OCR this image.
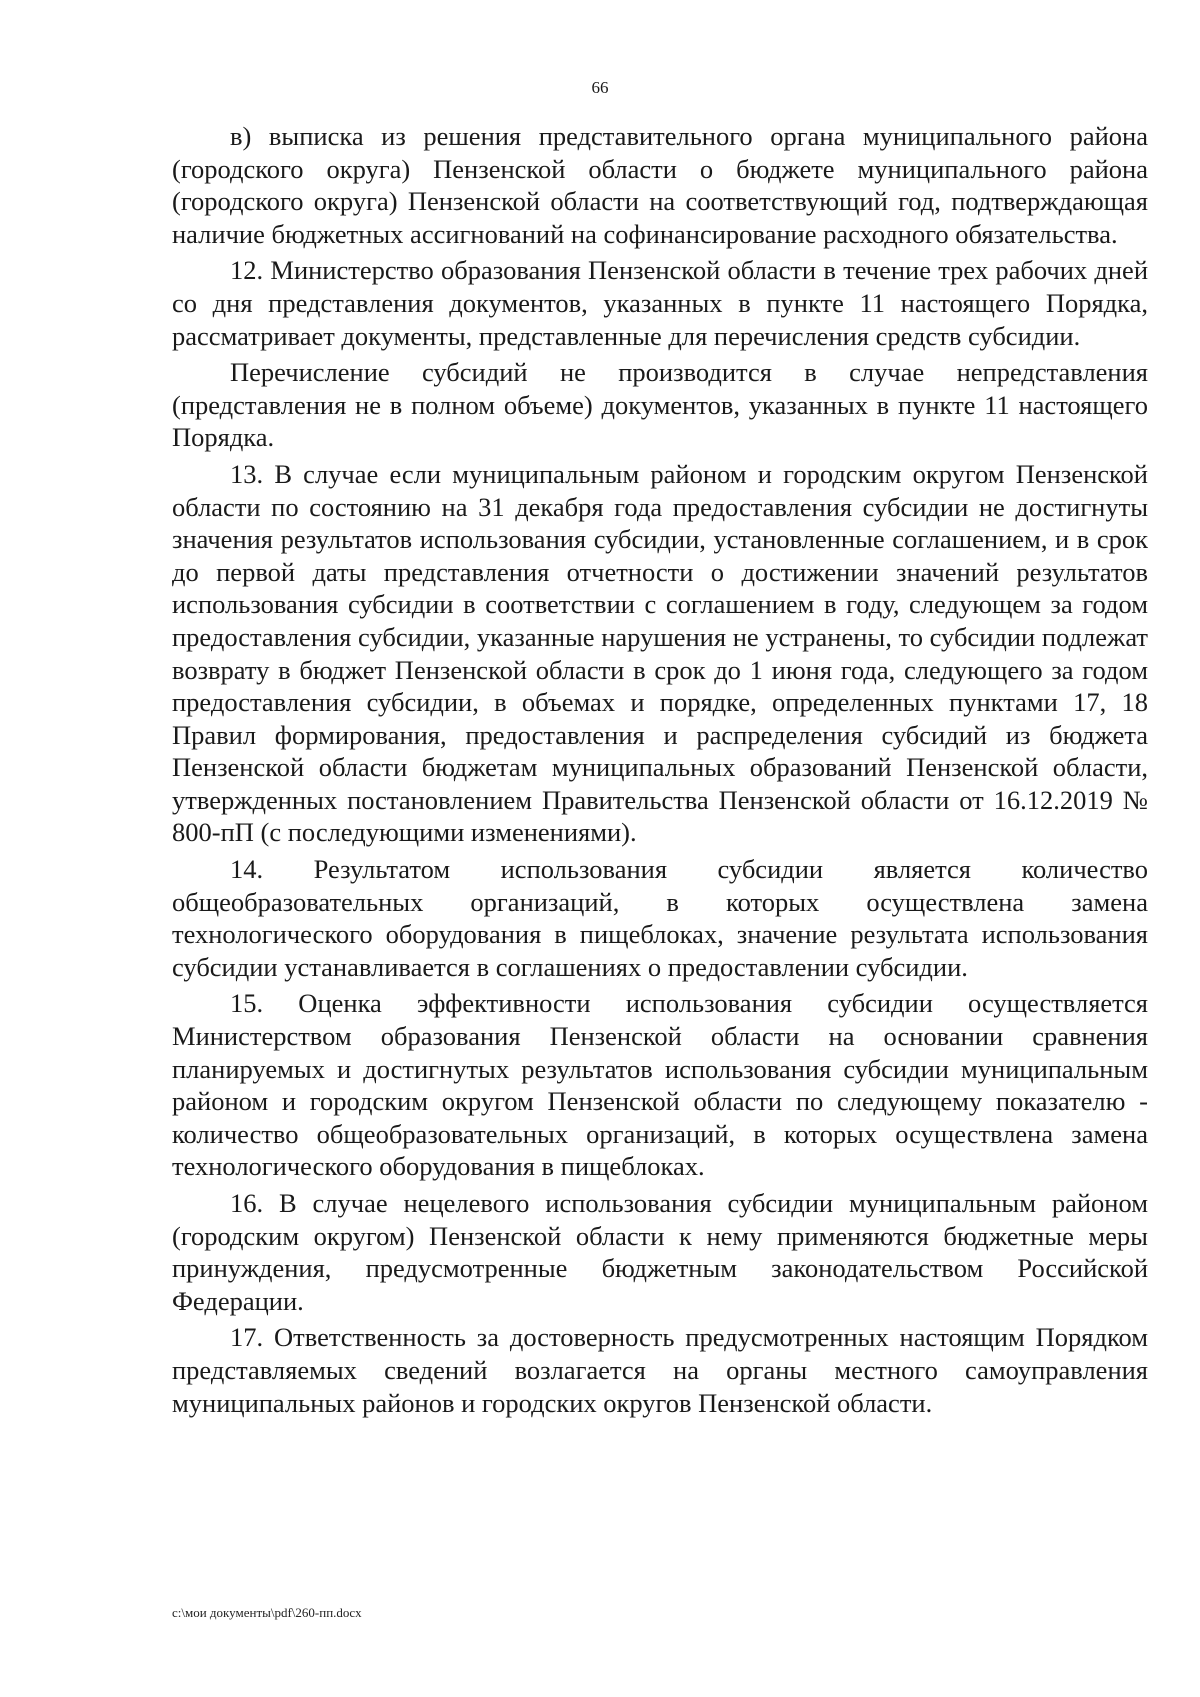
66

в) выписка из решения представительного органа муниципального района (городского округа) Пензенской области о бюджете муниципального района (городского округа) Пензенской области на соответствующий год, подтверждающая наличие бюджетных ассигнований на софинансирование расходного обязательства.

12. Министерство образования Пензенской области в течение трех рабочих дней со дня представления документов, указанных в пункте 11 настоящего Порядка, рассматривает документы, представленные для перечисления средств субсидии.

Перечисление субсидий не производится в случае непредставления (представления не в полном объеме) документов, указанных в пункте 11 настоящего Порядка.

13. В случае если муниципальным районом и городским округом Пензенской области по состоянию на 31 декабря года предоставления субсидии не достигнуты значения результатов использования субсидии, установленные соглашением, и в срок до первой даты представления отчетности о достижении значений результатов использования субсидии в соответствии с соглашением в году, следующем за годом предоставления субсидии, указанные нарушения не устранены, то субсидии подлежат возврату в бюджет Пензенской области в срок до 1 июня года, следующего за годом предоставления субсидии, в объемах и порядке, определенных пунктами 17, 18 Правил формирования, предоставления и распределения субсидий из бюджета Пензенской области бюджетам муниципальных образований Пензенской области, утвержденных постановлением Правительства Пензенской области от 16.12.2019 № 800-пП (с последующими изменениями).

14. Результатом использования субсидии является количество общеобразовательных организаций, в которых осуществлена замена технологического оборудования в пищеблоках, значение результата использования субсидии устанавливается в соглашениях о предоставлении субсидии.

15. Оценка эффективности использования субсидии осуществляется Министерством образования Пензенской области на основании сравнения планируемых и достигнутых результатов использования субсидии муниципальным районом и городским округом Пензенской области по следующему показателю - количество общеобразовательных организаций, в которых осуществлена замена технологического оборудования в пищеблоках.

16. В случае нецелевого использования субсидии муниципальным районом (городским округом) Пензенской области к нему применяются бюджетные меры принуждения, предусмотренные бюджетным законодательством Российской Федерации.

17. Ответственность за достоверность предусмотренных настоящим Порядком представляемых сведений возлагается на органы местного самоуправления муниципальных районов и городских округов Пензенской области.

c:\мои документы\pdf\260-пп.docx
